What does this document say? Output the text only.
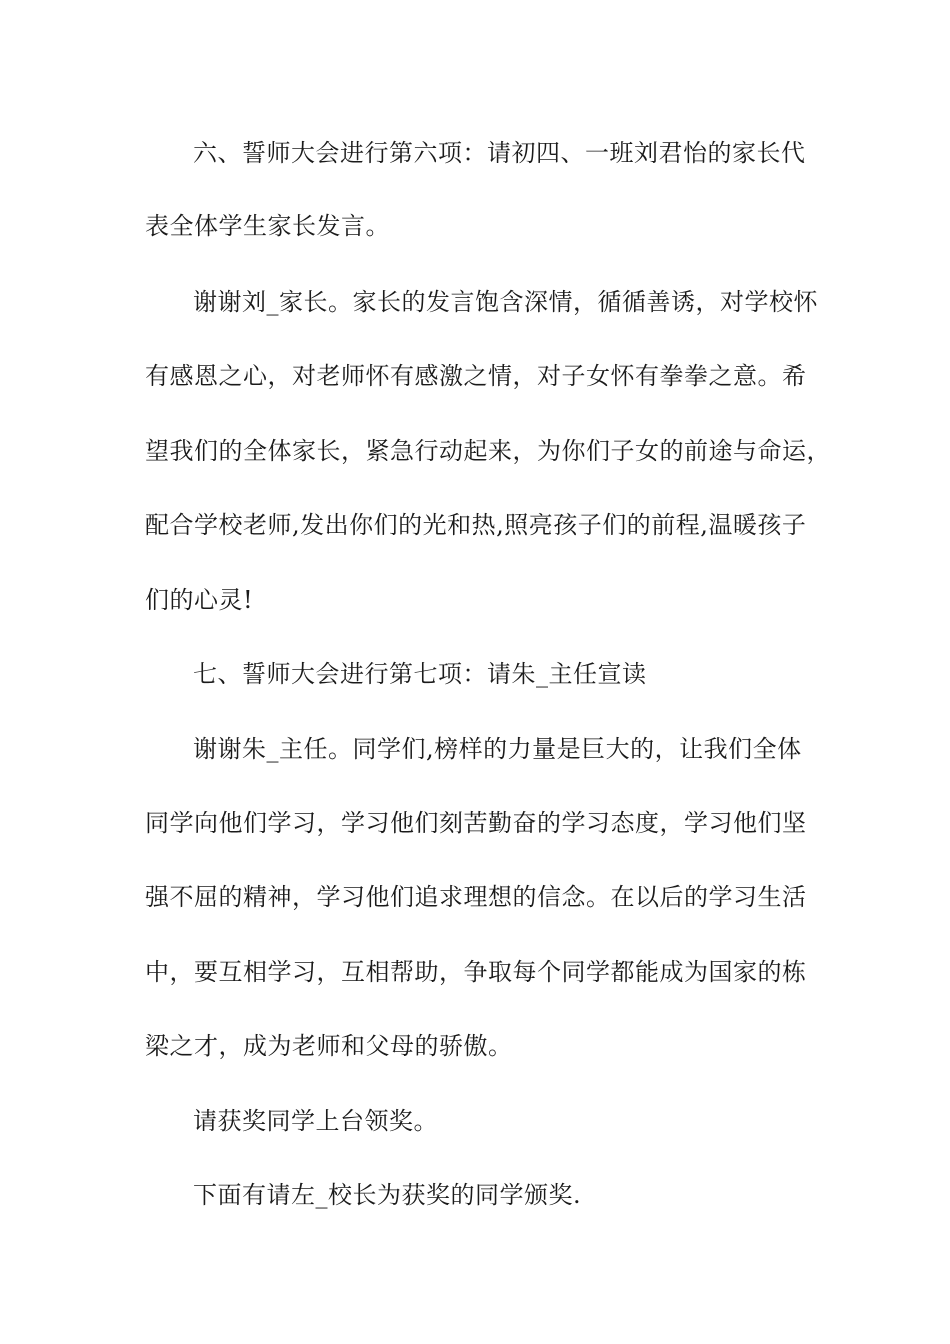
六、誓师大会进行第六项：请初四、一班刘君怡的家长代
表全体学生家长发言。
谢谢刘_家长。家长的发言饱含深情，循循善诱，对学校怀
有感恩之心，对老师怀有感激之情，对子女怀有拳拳之意。希
望我们的全体家长，紧急行动起来，为你们子女的前途与命运，
配合学校老师,发出你们的光和热,照亮孩子们的前程,温暖孩子
们的心灵!
七、誓师大会进行第七项：请朱_主任宣读
谢谢朱_主任。同学们,榜样的力量是巨大的，让我们全体
同学向他们学习，学习他们刻苦勤奋的学习态度，学习他们坚
强不屈的精神，学习他们追求理想的信念。在以后的学习生活
中，要互相学习，互相帮助，争取每个同学都能成为国家的栋
梁之才，成为老师和父母的骄傲。
请获奖同学上台领奖。
下面有请左_校长为获奖的同学颁奖.
